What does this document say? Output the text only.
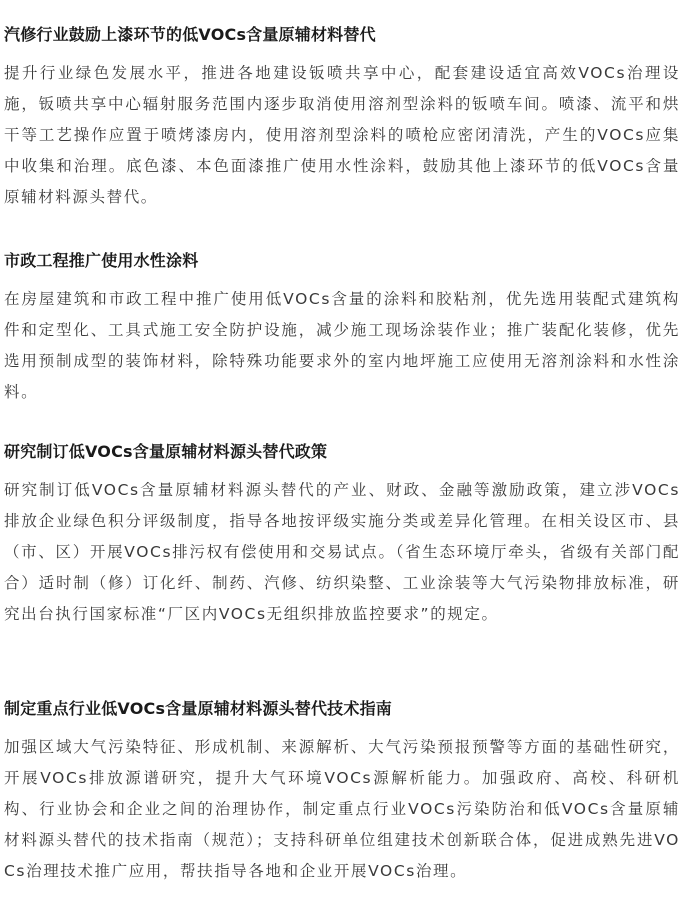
汽修行业鼓励上漆环节的低VOCs含量原辅材料替代

提升行业绿色发展水平，推进各地建设钣喷共享中心，配套建设适宜高效VOCs治理设施，钣喷共享中心辐射服务范围内逐步取消使用溶剂型涂料的钣喷车间。喷漆、流平和烘干等工艺操作应置于喷烤漆房内，使用溶剂型涂料的喷枪应密闭清洗，产生的VOCs应集中收集和治理。底色漆、本色面漆推广使用水性涂料，鼓励其他上漆环节的低VOCs含量原辅材料源头替代。

市政工程推广使用水性涂料

在房屋建筑和市政工程中推广使用低VOCs含量的涂料和胶粘剂，优先选用装配式建筑构件和定型化、工具式施工安全防护设施，减少施工现场涂装作业；推广装配化装修，优先选用预制成型的装饰材料，除特殊功能要求外的室内地坪施工应使用无溶剂涂料和水性涂料。

研究制订低VOCs含量原辅材料源头替代政策

研究制订低VOCs含量原辅材料源头替代的产业、财政、金融等激励政策，建立涉VOCs排放企业绿色积分评级制度，指导各地按评级实施分类或差异化管理。在相关设区市、县（市、区）开展VOCs排污权有偿使用和交易试点。（省生态环境厅牵头，省级有关部门配合）适时制（修）订化纤、制药、汽修、纺织染整、工业涂装等大气污染物排放标准，研究出台执行国家标准“厂区内VOCs无组织排放监控要求”的规定。

制定重点行业低VOCs含量原辅材料源头替代技术指南

加强区域大气污染特征、形成机制、来源解析、大气污染预报预警等方面的基础性研究，开展VOCs排放源谱研究，提升大气环境VOCs源解析能力。加强政府、高校、科研机构、行业协会和企业之间的治理协作，制定重点行业VOCs污染防治和低VOCs含量原辅材料源头替代的技术指南（规范）；支持科研单位组建技术创新联合体，促进成熟先进VOCs治理技术推广应用，帮扶指导各地和企业开展VOCs治理。
